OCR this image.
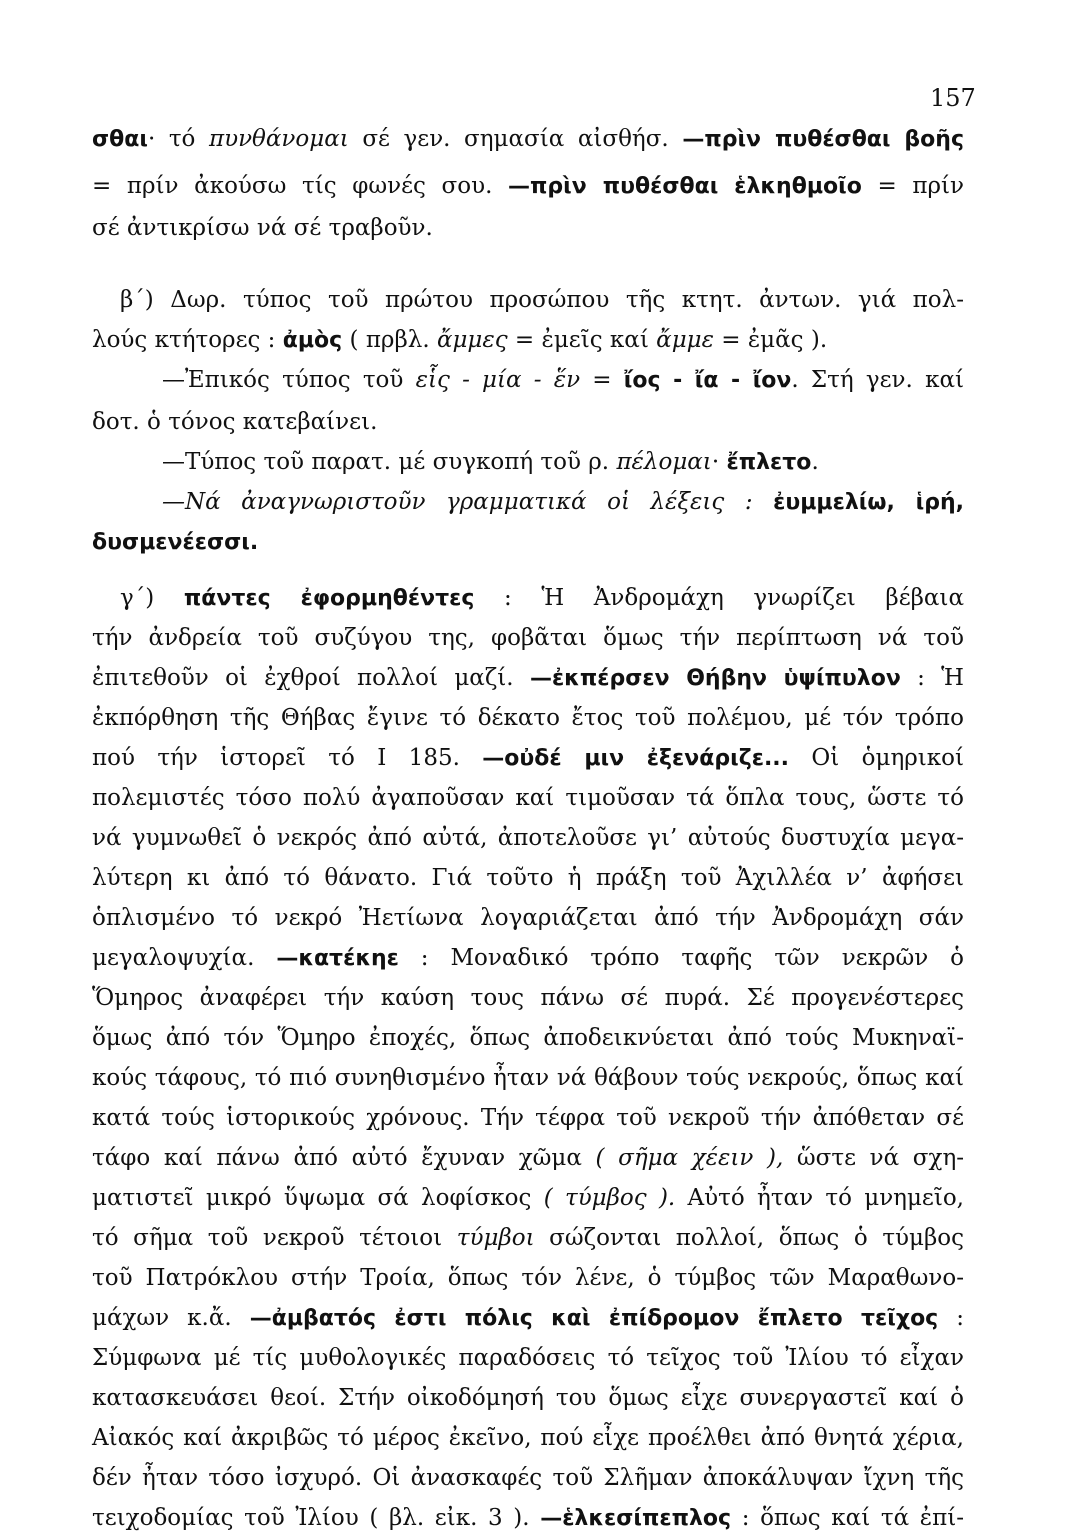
157
σθαι· τό πυνθάνομαι σέ γεν. σημασία αἰσθήσ. —πρὶν πυθέσθαι βοῆς
= πρίν ἀκούσω τίς φωνές σου. —πρὶν πυθέσθαι ἑλκηθμοῖο = πρίν
σέ ἀντικρίσω νά σέ τραβοῦν.
β΄) Δωρ. τύπος τοῦ πρώτου προσώπου τῆς κτητ. ἀντων. γιά πολ-
λούς κτήτορες : ἀμὸς ( πρβλ. ἄμμες = ἐμεῖς καί ἄμμε = ἐμᾶς ).
—Ἐπικός τύπος τοῦ εἷς - μία - ἕν = ἴος - ἴα - ἴον. Στή γεν. καί
δοτ. ὁ τόνος κατεβαίνει.
—Τύπος τοῦ παρατ. μέ συγκοπή τοῦ ρ. πέλομαι· ἔπλετο.
—Νά ἀναγνωριστοῦν γραμματικά οἱ λέξεις : ἐυμμελίω, ἱρή,
δυσμενέεσσι.
γ΄) πάντες ἐφορμηθέντες : Ἡ Ἀνδρομάχη γνωρίζει βέβαια
τήν ἀνδρεία τοῦ συζύγου της, φοβᾶται ὅμως τήν περίπτωση νά τοῦ
ἐπιτεθοῦν οἱ ἐχθροί πολλοί μαζί. —ἐκπέρσεν Θήβην ὑψίπυλον : Ἡ
ἐκπόρθηση τῆς Θήβας ἔγινε τό δέκατο ἔτος τοῦ πολέμου, μέ τόν τρόπο
πού τήν ἱστορεῖ τό Ι 185. —οὐδέ μιν ἐξενάριζε... Οἱ ὁμηρικοί
πολεμιστές τόσο πολύ ἀγαποῦσαν καί τιμοῦσαν τά ὅπλα τους, ὥστε τό
νά γυμνωθεῖ ὁ νεκρός ἀπό αὐτά, ἀποτελοῦσε γι’ αὐτούς δυστυχία μεγα-
λύτερη κι ἀπό τό θάνατο. Γιά τοῦτο ἡ πράξη τοῦ Ἀχιλλέα ν’ ἀφήσει
ὁπλισμένο τό νεκρό Ἠετίωνα λογαριάζεται ἀπό τήν Ἀνδρομάχη σάν
μεγαλοψυχία. —κατέκηε : Μοναδικό τρόπο ταφῆς τῶν νεκρῶν ὁ
Ὅμηρος ἀναφέρει τήν καύση τους πάνω σέ πυρά. Σέ προγενέστερες
ὅμως ἀπό τόν Ὅμηρο ἐποχές, ὅπως ἀποδεικνύεται ἀπό τούς Μυκηναϊ-
κούς τάφους, τό πιό συνηθισμένο ἦταν νά θάβουν τούς νεκρούς, ὅπως καί
κατά τούς ἱστορικούς χρόνους. Τήν τέφρα τοῦ νεκροῦ τήν ἀπόθεταν σέ
τάφο καί πάνω ἀπό αὐτό ἔχυναν χῶμα ( σῆμα χέειν ), ὥστε νά σχη-
ματιστεῖ μικρό ὕψωμα σά λοφίσκος ( τύμβος ). Αὐτό ἦταν τό μνημεῖο,
τό σῆμα τοῦ νεκροῦ τέτοιοι τύμβοι σώζονται πολλοί, ὅπως ὁ τύμβος
τοῦ Πατρόκλου στήν Τροία, ὅπως τόν λένε, ὁ τύμβος τῶν Μαραθωνο-
μάχων κ.ἄ. —ἀμβατός ἐστι πόλις καὶ ἐπίδρομον ἔπλετο τεῖχος :
Σύμφωνα μέ τίς μυθολογικές παραδόσεις τό τεῖχος τοῦ Ἰλίου τό εἶχαν
κατασκευάσει θεοί. Στήν οἰκοδόμησή του ὅμως εἶχε συνεργαστεῖ καί ὁ
Αἰακός καί ἀκριβῶς τό μέρος ἐκεῖνο, πού εἶχε προέλθει ἀπό θνητά χέρια,
δέν ἦταν τόσο ἰσχυρό. Οἱ ἀνασκαφές τοῦ Σλῆμαν ἀποκάλυψαν ἴχνη τῆς
τειχοδομίας τοῦ Ἰλίου ( βλ. εἰκ. 3 ). —ἑλκεσίπεπλος : ὅπως καί τά ἐπί-
